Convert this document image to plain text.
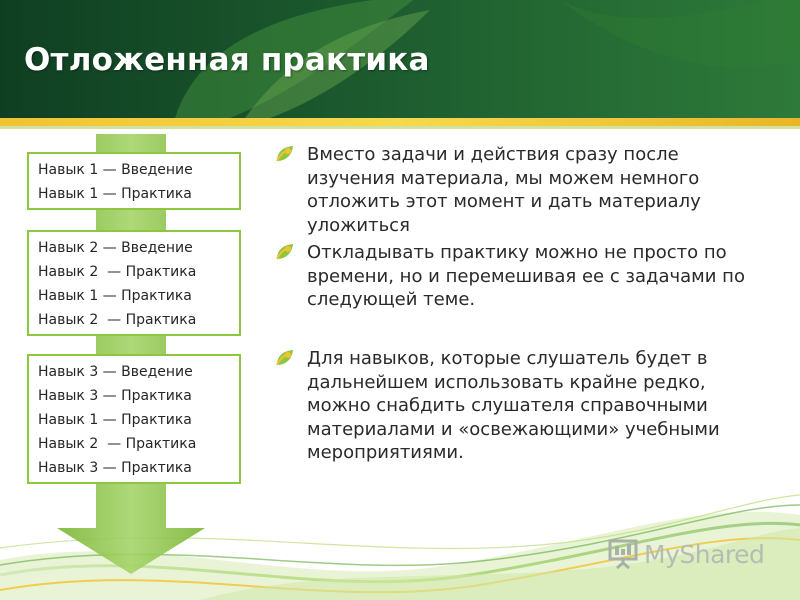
Отложенная практика
Навык 1 — Введение
Навык 1 — Практика
Навык 2 — Введение
Навык 2  — Практика
Навык 1 — Практика
Навык 2  — Практика
Навык 3 — Введение
Навык 3 — Практика
Навык 1 — Практика
Навык 2  — Практика
Навык 3 — Практика
Вместо задачи и действия сразу после изучения материала, мы можем немного отложить этот момент и дать материалу уложиться
Откладывать практику можно не просто по времени, но и перемешивая ее с задачами по следующей теме.
Для навыков, которые слушатель будет в дальнейшем использовать крайне редко, можно снабдить слушателя справочными материалами и «освежающими» учебными мероприятиями.
MyShared
